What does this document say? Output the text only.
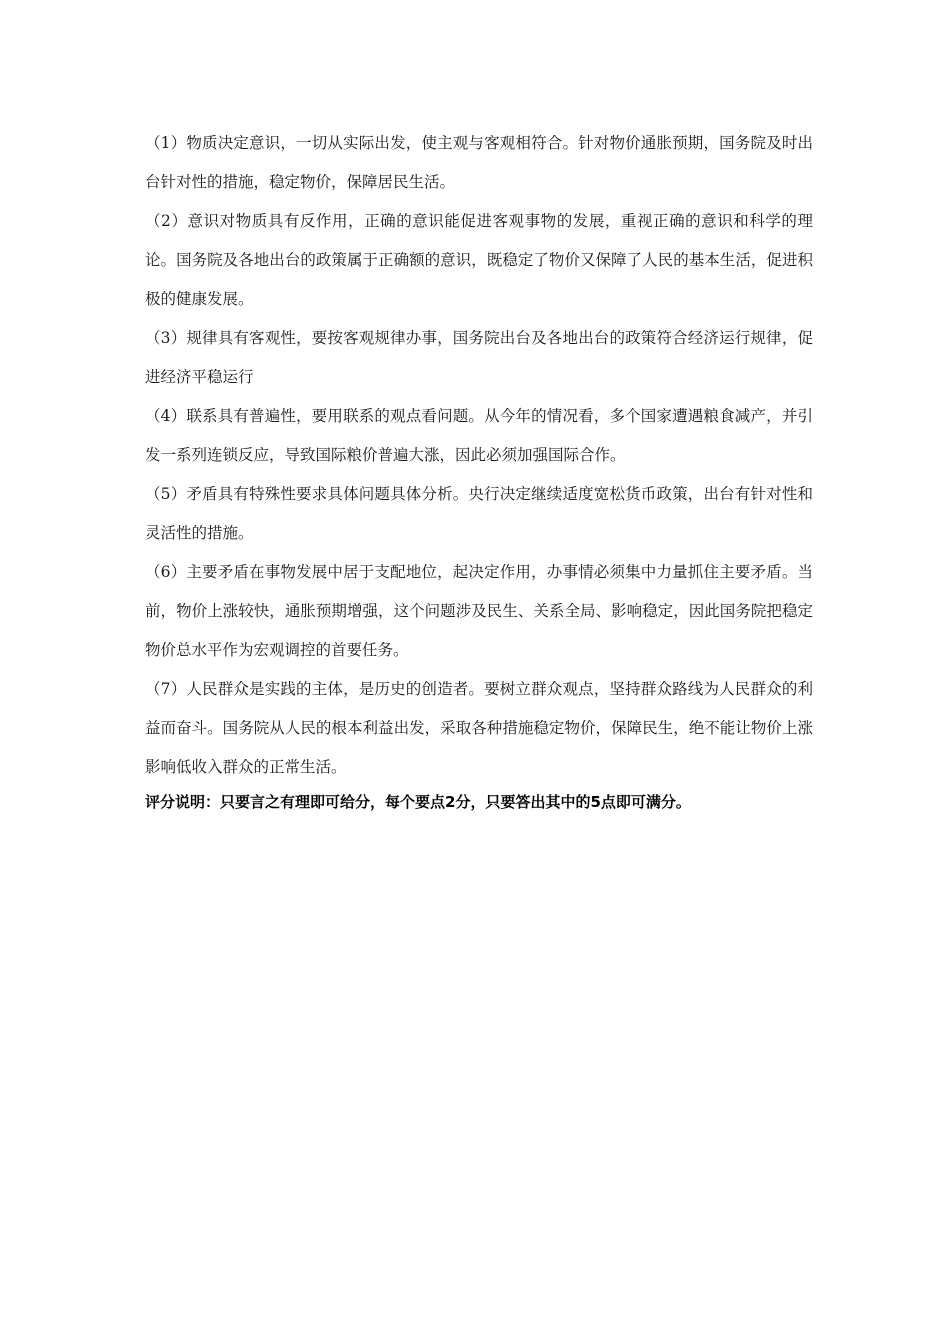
（1）物质决定意识，一切从实际出发，使主观与客观相符合。针对物价通胀预期，国务院及时出台针对性的措施，稳定物价，保障居民生活。

（2）意识对物质具有反作用，正确的意识能促进客观事物的发展，重视正确的意识和科学的理论。国务院及各地出台的政策属于正确额的意识，既稳定了物价又保障了人民的基本生活，促进积极的健康发展。

（3）规律具有客观性，要按客观规律办事，国务院出台及各地出台的政策符合经济运行规律，促进经济平稳运行

（4）联系具有普遍性，要用联系的观点看问题。从今年的情况看，多个国家遭遇粮食减产，并引发一系列连锁反应，导致国际粮价普遍大涨，因此必须加强国际合作。

（5）矛盾具有特殊性要求具体问题具体分析。央行决定继续适度宽松货币政策，出台有针对性和灵活性的措施。

（6）主要矛盾在事物发展中居于支配地位，起决定作用，办事情必须集中力量抓住主要矛盾。当前，物价上涨较快，通胀预期增强，这个问题涉及民生、关系全局、影响稳定，因此国务院把稳定物价总水平作为宏观调控的首要任务。

（7）人民群众是实践的主体，是历史的创造者。要树立群众观点，坚持群众路线为人民群众的利益而奋斗。国务院从人民的根本利益出发，采取各种措施稳定物价，保障民生，绝不能让物价上涨影响低收入群众的正常生活。

评分说明：只要言之有理即可给分，每个要点2分，只要答出其中的5点即可满分。
